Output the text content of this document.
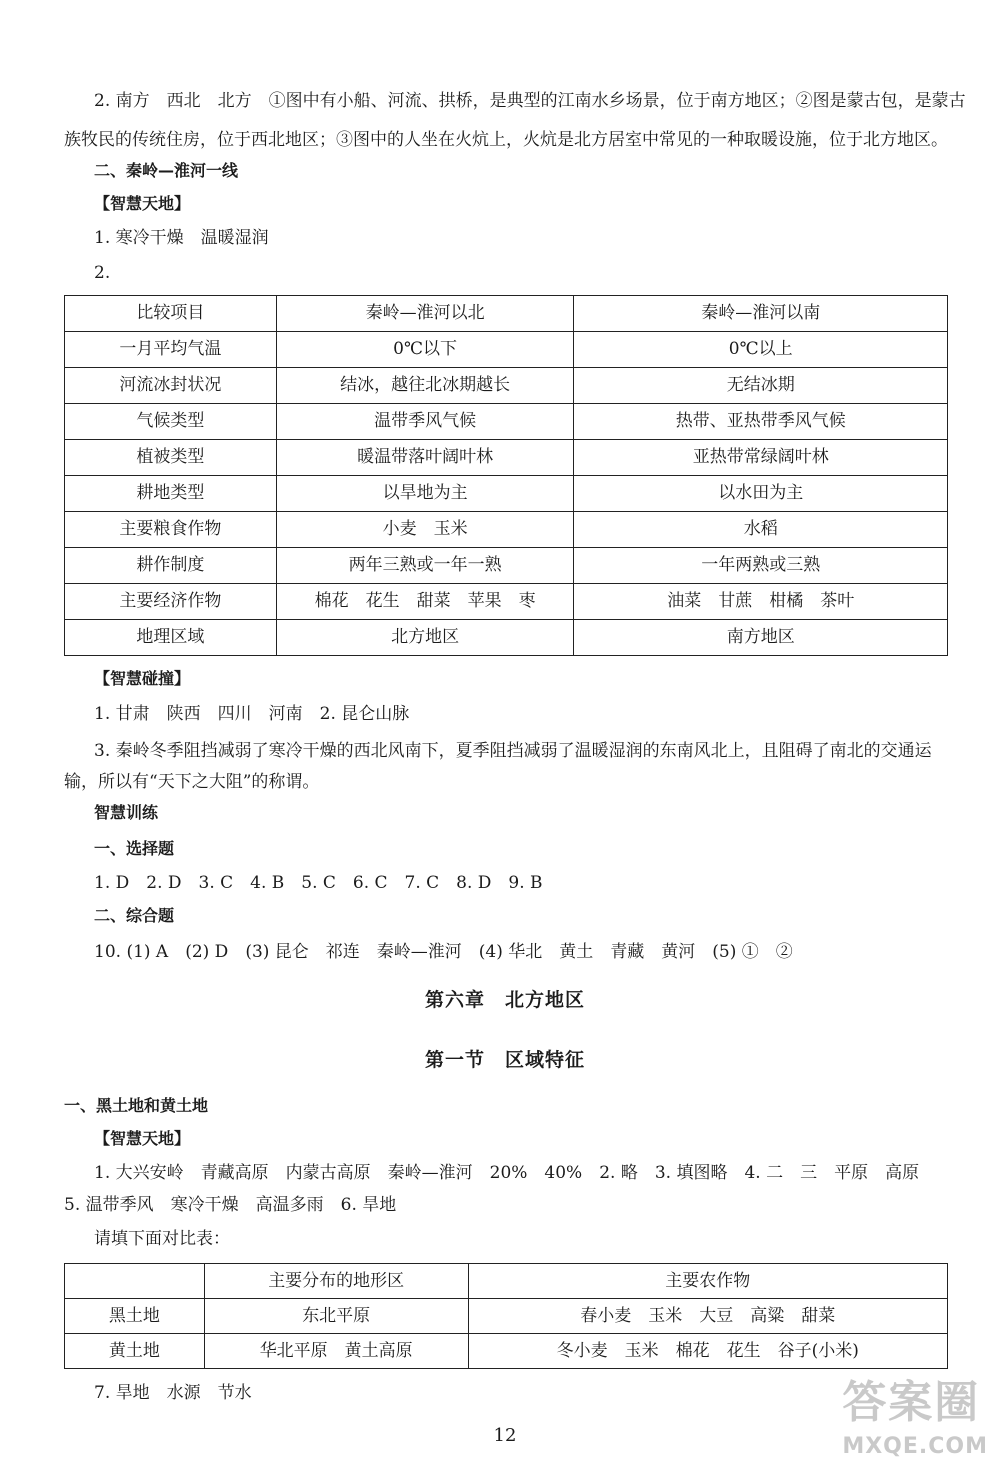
2. 南方　西北　北方　①图中有小船、河流、拱桥，是典型的江南水乡场景，位于南方地区；②图是蒙古包，是蒙古
族牧民的传统住房，位于西北地区；③图中的人坐在火炕上，火炕是北方居室中常见的一种取暖设施，位于北方地区。
二、秦岭—淮河一线
【智慧天地】
1. 寒冷干燥　温暖湿润
2.
比较项目	秦岭—淮河以北	秦岭—淮河以南
一月平均气温	0℃以下	0℃以上
河流冰封状况	结冰，越往北冰期越长	无结冰期
气候类型	温带季风气候	热带、亚热带季风气候
植被类型	暖温带落叶阔叶林	亚热带常绿阔叶林
耕地类型	以旱地为主	以水田为主
主要粮食作物	小麦　玉米	水稻
耕作制度	两年三熟或一年一熟	一年两熟或三熟
主要经济作物	棉花　花生　甜菜　苹果　枣	油菜　甘蔗　柑橘　茶叶
地理区域	北方地区	南方地区
【智慧碰撞】
1. 甘肃　陕西　四川　河南　2. 昆仑山脉
3. 秦岭冬季阻挡减弱了寒冷干燥的西北风南下，夏季阻挡减弱了温暖湿润的东南风北上，且阻碍了南北的交通运
输，所以有“天下之大阻”的称谓。
智慧训练
一、选择题
1. D　2. D　3. C　4. B　5. C　6. C　7. C　8. D　9. B
二、综合题
10. (1) A　(2) D　(3) 昆仑　祁连　秦岭—淮河　(4) 华北　黄土　青藏　黄河　(5) ①　②
第六章　北方地区
第一节　区域特征
一、黑土地和黄土地
【智慧天地】
1. 大兴安岭　青藏高原　内蒙古高原　秦岭—淮河　20%　40%　2. 略　3. 填图略　4. 二　三　平原　高原
5. 温带季风　寒冷干燥　高温多雨　6. 旱地
请填下面对比表：
	主要分布的地形区	主要农作物
黑土地	东北平原	春小麦　玉米　大豆　高粱　甜菜
黄土地	华北平原　黄土高原	冬小麦　玉米　棉花　花生　谷子(小米)
7. 旱地　水源　节水
12
答案圈
MXQE.COM
